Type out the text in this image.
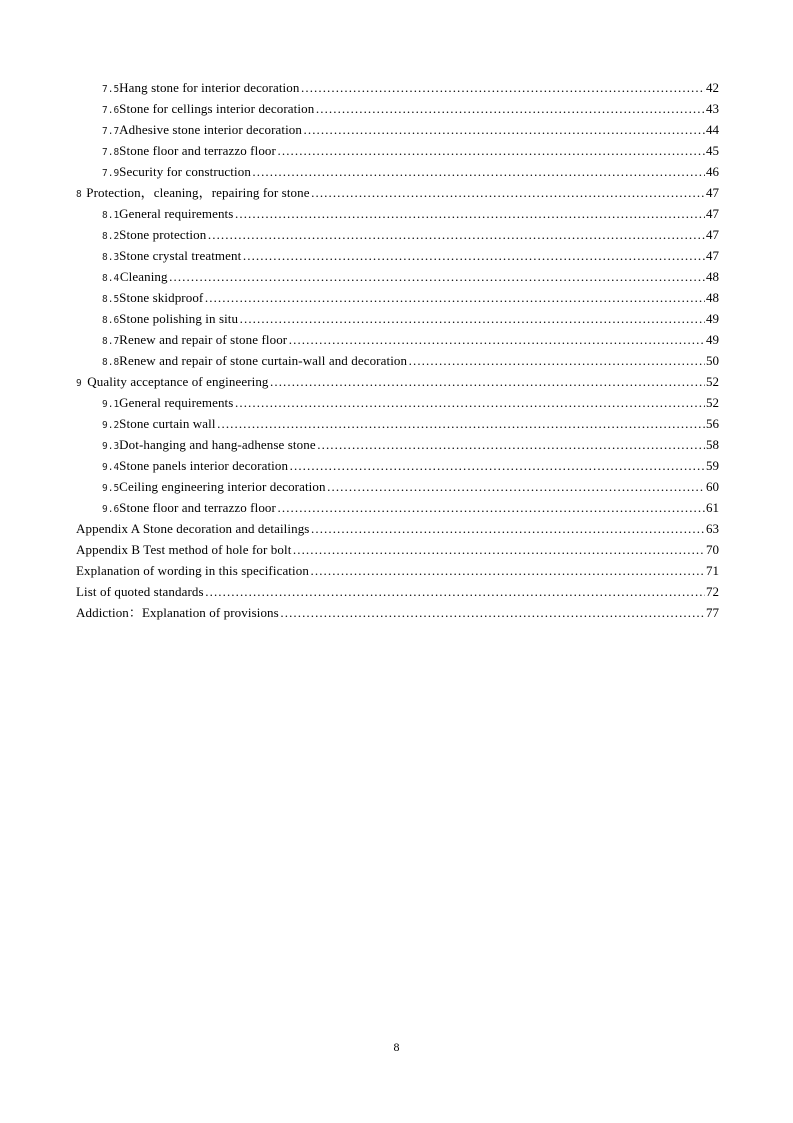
7.5 Hang stone for interior decoration ……………………………………………………………………………………………………………………………………………………………………………………………………………………………	42
7.6 Stone for cellings interior decoration ……………………………………………………………………………………………………………………………………………………………………………………………………………………………	43
7.7 Adhesive stone interior decoration ……………………………………………………………………………………………………………………………………………………………………………………………………………………………	44
7.8 Stone floor and terrazzo floor ……………………………………………………………………………………………………………………………………………………………………………………………………………………………	45
7.9 Security for construction ……………………………………………………………………………………………………………………………………………………………………………………………………………………………	46
8 Protection，cleaning，repairing for stone ……………………………………………………………………………………………………………………………………………………………………………………………………………………………	47
8.1 General requirements ……………………………………………………………………………………………………………………………………………………………………………………………………………………………	47
8.2 Stone protection ……………………………………………………………………………………………………………………………………………………………………………………………………………………………	47
8.3 Stone crystal treatment ……………………………………………………………………………………………………………………………………………………………………………………………………………………………	47
8.4 Cleaning ……………………………………………………………………………………………………………………………………………………………………………………………………………………………	48
8.5 Stone skidproof ……………………………………………………………………………………………………………………………………………………………………………………………………………………………	48
8.6 Stone polishing in situ ……………………………………………………………………………………………………………………………………………………………………………………………………………………………	49
8.7 Renew and repair of stone floor ……………………………………………………………………………………………………………………………………………………………………………………………………………………………	49
8.8 Renew and repair of stone curtain-wall and decoration ……………………………………………………………………………………………………………………………………………………………………………………………………………………………	50
9 Quality acceptance of engineering ……………………………………………………………………………………………………………………………………………………………………………………………………………………………	52
9.1 General requirements ……………………………………………………………………………………………………………………………………………………………………………………………………………………………	52
9.2 Stone curtain wall ……………………………………………………………………………………………………………………………………………………………………………………………………………………………	56
9.3 Dot-hanging and hang-adhense stone ……………………………………………………………………………………………………………………………………………………………………………………………………………………………	58
9.4 Stone panels interior decoration ……………………………………………………………………………………………………………………………………………………………………………………………………………………………	59
9.5 Ceiling engineering interior decoration ……………………………………………………………………………………………………………………………………………………………………………………………………………………………	60
9.6 Stone floor and terrazzo floor ……………………………………………………………………………………………………………………………………………………………………………………………………………………………	61
Appendix A Stone decoration and detailings ……………………………………………………………………………………………………………………………………………………………………………………………………………………………	63
Appendix B Test method of hole for bolt ……………………………………………………………………………………………………………………………………………………………………………………………………………………………	70
Explanation of wording in this specification ……………………………………………………………………………………………………………………………………………………………………………………………………………………………	71
List of quoted standards ……………………………………………………………………………………………………………………………………………………………………………………………………………………………	72
Addiction：Explanation of provisions ……………………………………………………………………………………………………………………………………………………………………………………………………………………………	77
8
